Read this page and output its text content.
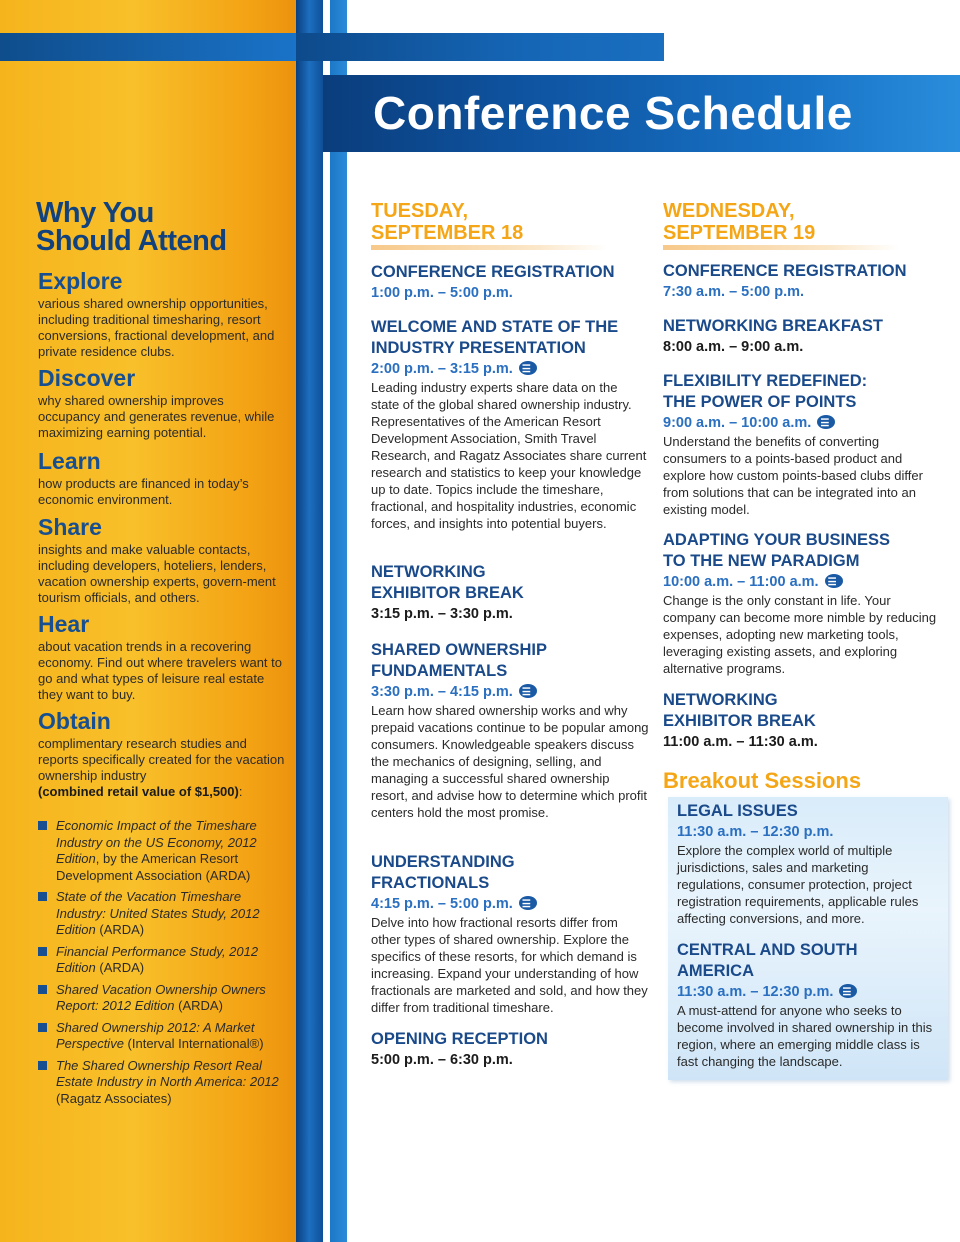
Conference Schedule
Why You
Should Attend
Explore

various shared ownership opportunities, including traditional timesharing, resort conversions, fractional development, and private residence clubs.

Discover

why shared ownership improves occupancy and generates revenue, while maximizing earning potential.

Learn

how products are financed in today’s economic environment.

Share

insights and make valuable contacts, including developers, hoteliers, lenders, vacation ownership experts, govern-ment tourism officials, and others.

Hear

about vacation trends in a recovering economy. Find out where travelers want to go and what types of leisure real estate they want to buy.

Obtain

complimentary research studies and reports specifically created for the vacation ownership industry
(combined retail value of $1,500):

Economic Impact of the Timeshare Industry on the US Economy, 2012 Edition, by the American Resort Development Association (ARDA)
State of the Vacation Timeshare Industry: United States Study, 2012 Edition (ARDA)
Financial Performance Study, 2012 Edition (ARDA)
Shared Vacation Ownership Owners Report: 2012 Edition (ARDA)
Shared Ownership 2012: A Market Perspective (Interval International®)
The Shared Ownership Resort Real Estate Industry in North America: 2012 (Ragatz Associates)
TUESDAY,
SEPTEMBER 18
CONFERENCE REGISTRATION

1:00 p.m. – 5:00 p.m.

WELCOME AND STATE OF THE INDUSTRY PRESENTATION

2:00 p.m. – 3:15 p.m.☰

Leading industry experts share data on the state of the global shared ownership industry. Representatives of the American Resort Development Association, Smith Travel Research, and Ragatz Associates share current research and statistics to keep your knowledge up to date. Topics include the timeshare, fractional, and hospitality industries, economic forces, and insights into potential buyers.

NETWORKING EXHIBITOR BREAK

3:15 p.m. – 3:30 p.m.

SHARED OWNERSHIP FUNDAMENTALS

3:30 p.m. – 4:15 p.m.☰

Learn how shared ownership works and why prepaid vacations continue to be popular among consumers. Knowledgeable speakers discuss the mechanics of designing, selling, and managing a successful shared ownership resort, and advise how to determine which profit centers hold the most promise.

UNDERSTANDING FRACTIONALS

4:15 p.m. – 5:00 p.m.☰

Delve into how fractional resorts differ from other types of shared ownership. Explore the specifics of these resorts, for which demand is increasing. Expand your understanding of how fractionals are marketed and sold, and how they differ from traditional timeshare.

OPENING RECEPTION

5:00 p.m. – 6:30 p.m.

WEDNESDAY,
SEPTEMBER 19
CONFERENCE REGISTRATION

7:30 a.m. – 5:00 p.m.

NETWORKING BREAKFAST

8:00 a.m. – 9:00 a.m.

FLEXIBILITY REDEFINED: THE POWER OF POINTS

9:00 a.m. – 10:00 a.m.☰

Understand the benefits of converting consumers to a points-based product and explore how custom points-based clubs differ from solutions that can be integrated into an existing model.

ADAPTING YOUR BUSINESS TO THE NEW PARADIGM

10:00 a.m. – 11:00 a.m.☰

Change is the only constant in life. Your company can become more nimble by reducing expenses, adopting new marketing tools, leveraging existing assets, and exploring alternative programs.

NETWORKING EXHIBITOR BREAK

11:00 a.m. – 11:30 a.m.

Breakout Sessions
LEGAL ISSUES

11:30 a.m. – 12:30 p.m.

Explore the complex world of multiple jurisdictions, sales and marketing regulations, consumer protection, project registration requirements, applicable rules affecting conversions, and more.

CENTRAL AND SOUTH AMERICA

11:30 a.m. – 12:30 p.m.☰

A must-attend for anyone who seeks to become involved in shared ownership in this region, where an emerging middle class is fast changing the landscape.
